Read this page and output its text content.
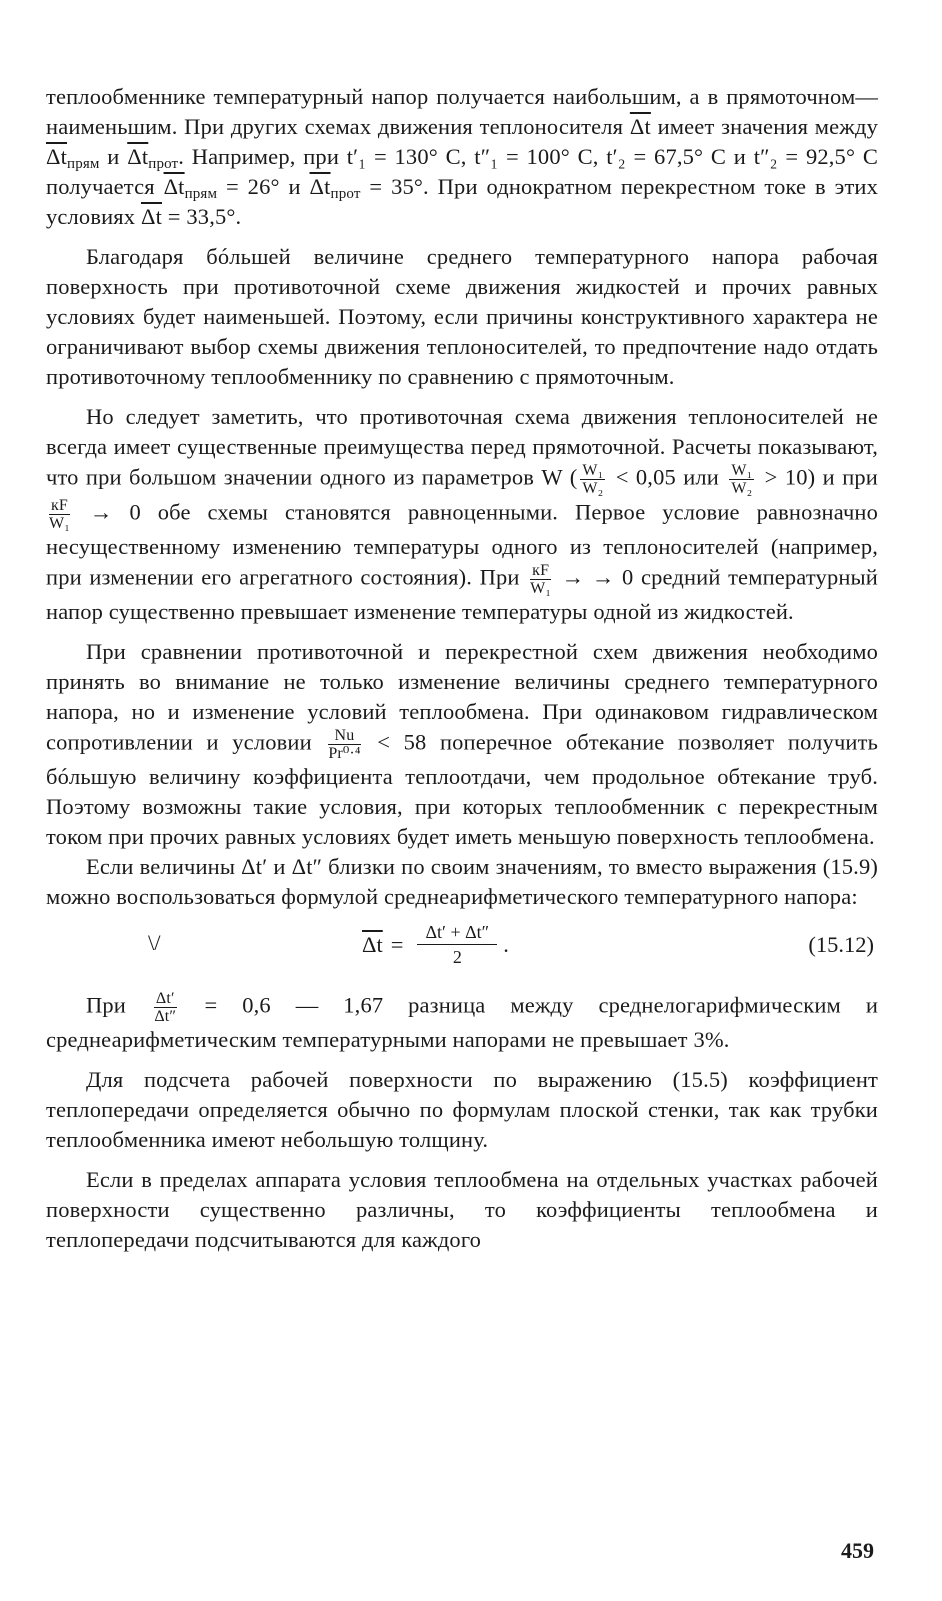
теплообменнике температурный напор получается наибольшим, а в прямоточном—наименьшим. При других схемах движения теплоносителя $\overline{\Delta t}$ имеет значения между $\overline{\Delta t}_{прям}$ и $\overline{\Delta t}_{прот}$. Например, при t′₁ = 130° С, t″₁ = 100° С, t′₂ = 67,5° С и t″₂ = 92,5° С получается $\overline{\Delta t}_{прям} = 26^\circ$ и $\overline{\Delta t}_{прот} = 35^\circ$. При однократном перекрестном токе в этих условиях $\overline{\Delta t} = 33,5^\circ$.

Благодаря бóльшей величине среднего температурного напора рабочая поверхность при противоточной схеме движения жидкостей и прочих равных условиях будет наименьшей. Поэтому, если причины конструктивного характера не ограничивают выбор схемы движения теплоносителей, то предпочтение надо отдать противоточному теплообменнику по сравнению с прямоточным.

Но следует заметить, что противоточная схема движения теплоносителей не всегда имеет существенные преимущества перед прямоточной. Расчеты показывают, что при большом значении одного из параметров W ( $\frac{\text{W₁}}{\text{W₂}} < 0,05$ или $\frac{\text{W₁}}{\text{W₂}} > 10$) и при
$\frac{кF}{\text{W₁}} \to 0$ обе схемы становятся равноценными. Первое условие равнозначно несущественному изменению температуры одного из теплоносителей (например, при изменении его агрегатного состояния). При $\frac{кF}{\text{W₁}}$ → → 0 средний температурный напор существенно превышает изменение температуры одной из жидкостей.

При сравнении противоточной и перекрестной схем движения необходимо принять во внимание не только изменение величины среднего температурного напора, но и изменение условий теплообмена. При одинаковом гидравлическом сопротивлении и условии $\frac{Nu}{\text{Pr⁰·⁴}} < 58$ поперечное обтекание позволяет получить бóльшую величину коэффициента теплоотдачи, чем продольное обтекание труб. Поэтому возможны такие условия, при которых теплообменник с перекрестным током при прочих равных условиях будет иметь меньшую поверхность теплообмена.

Если величины Δt′ и Δt″ близки по своим значениям, то вместо выражения (15.9) можно воспользоваться формулой среднеарифметического температурного напора:

\/	$\overline{\Delta t} = \frac{\Delta t' + \Delta t''}{2}$ .	(15.12)

При $\frac{\Delta t'}{\Delta t''} = 0,6$ — 1,67 разница между среднелогарифмическим и среднеарифметическим температурными напорами не превышает 3%.

Для подсчета рабочей поверхности по выражению (15.5) коэффициент теплопередачи определяется обычно по формулам плоской стенки, так как трубки теплообменника имеют небольшую толщину.

Если в пределах аппарата условия теплообмена на отдельных участках рабочей поверхности существенно различны, то коэффициенты теплообмена и теплопередачи подсчитываются для каждого

459
